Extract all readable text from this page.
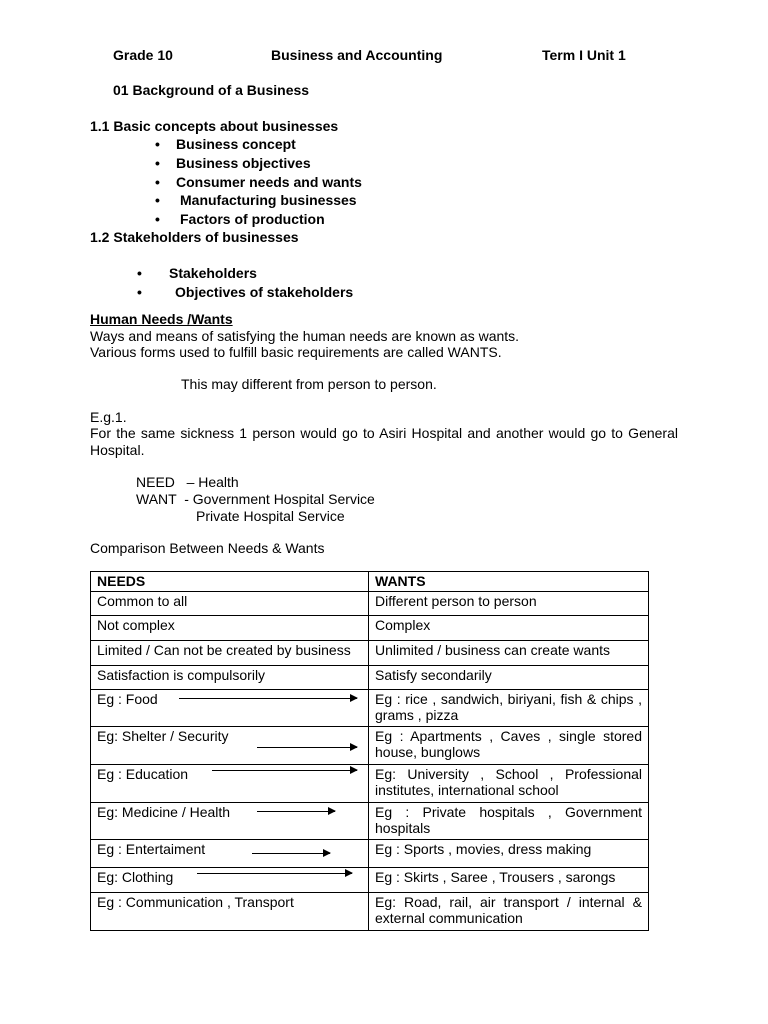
Grade 10	Business and Accounting	Term I Unit 1
01 Background of a Business
1.1 Basic concepts about businesses
• Business concept
• Business objectives
• Consumer needs and wants
• Manufacturing businesses
• Factors of production
1.2 Stakeholders of businesses
• Stakeholders
• Objectives of stakeholders
Human Needs /Wants
Ways and means of satisfying the human needs are known as wants.
Various forms used to fulfill basic requirements are called WANTS.
This may different from person to person.
E.g.1.
For the same sickness 1 person would go to Asiri Hospital and another would go to General Hospital.
NEED   – Health
WANT  - Government Hospital Service
Private Hospital Service
Comparison Between Needs & Wants
NEEDS	WANTS
Common to all	Different person to person
Not complex	Complex
Limited / Can not be created by business	Unlimited / business can create wants
Satisfaction is compulsorily	Satisfy secondarily
Eg : Food	Eg : rice , sandwich, biriyani, fish & chips , grams , pizza
Eg: Shelter / Security	Eg : Apartments , Caves , single stored house, bunglows
Eg : Education	Eg: University , School , Professional institutes, international school
Eg: Medicine / Health	Eg : Private hospitals , Government hospitals
Eg : Entertaiment	Eg : Sports , movies, dress making
Eg: Clothing	Eg : Skirts , Saree , Trousers , sarongs
Eg : Communication , Transport	Eg: Road, rail, air transport / internal & external communication
